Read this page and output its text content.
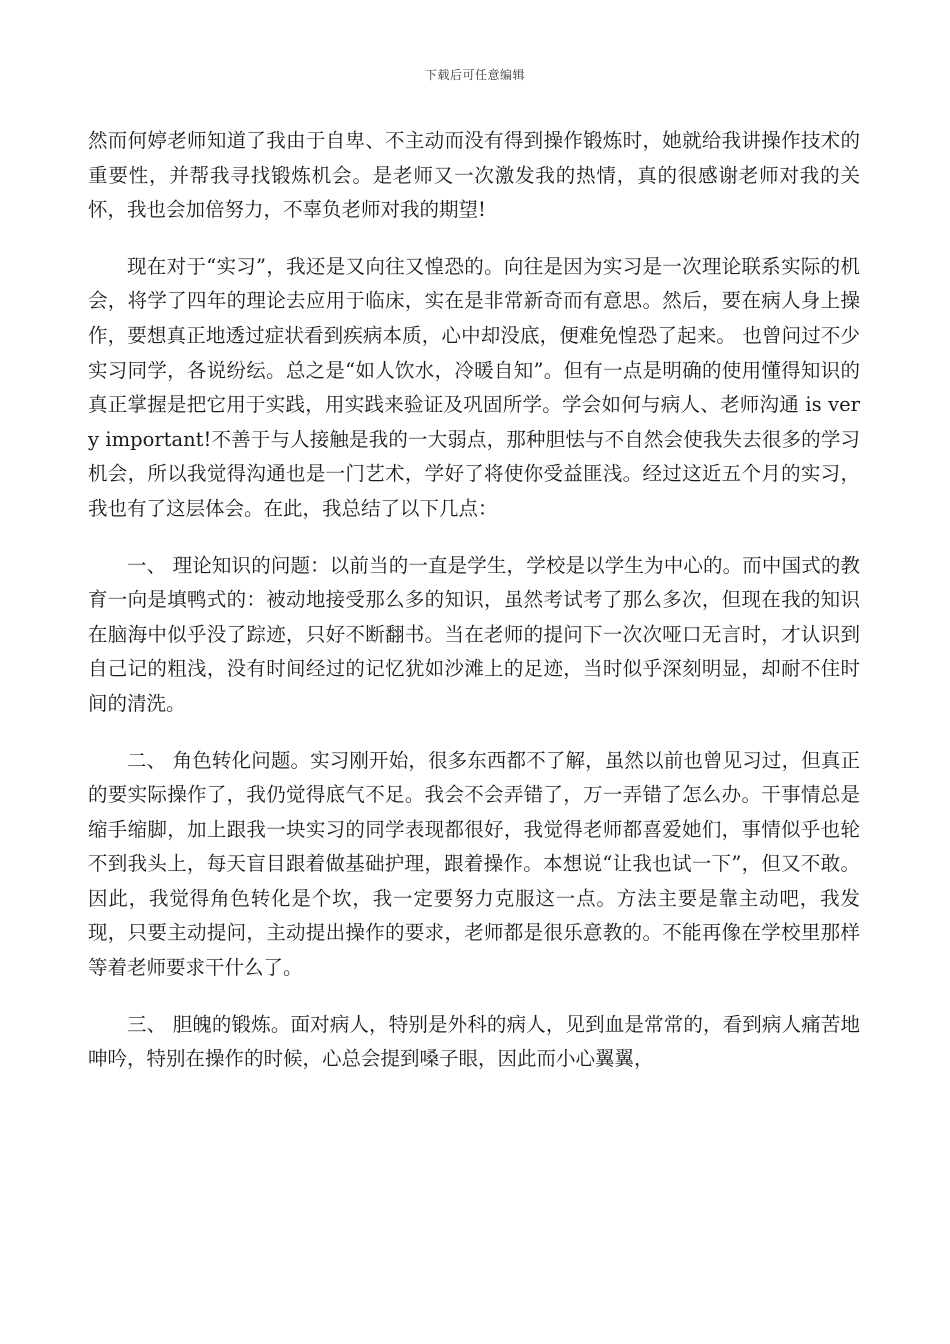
下载后可任意编辑

然而何婷老师知道了我由于自卑、不主动而没有得到操作锻炼时，她就给我讲操作技术的重要性，并帮我寻找锻炼机会。是老师又一次激发我的热情，真的很感谢老师对我的关怀，我也会加倍努力，不辜负老师对我的期望!

现在对于“实习”，我还是又向往又惶恐的。向往是因为实习是一次理论联系实际的机会，将学了四年的理论去应用于临床，实在是非常新奇而有意思。然后，要在病人身上操作，要想真正地透过症状看到疾病本质，心中却没底，便难免惶恐了起来。 也曾问过不少实习同学，各说纷纭。总之是“如人饮水，冷暖自知”。但有一点是明确的使用懂得知识的真正掌握是把它用于实践，用实践来验证及巩固所学。学会如何与病人、老师沟通 is very important!不善于与人接触是我的一大弱点，那种胆怯与不自然会使我失去很多的学习机会，所以我觉得沟通也是一门艺术，学好了将使你受益匪浅。经过这近五个月的实习，我也有了这层体会。在此，我总结了以下几点：

一、 理论知识的问题：以前当的一直是学生，学校是以学生为中心的。而中国式的教育一向是填鸭式的：被动地接受那么多的知识，虽然考试考了那么多次，但现在我的知识在脑海中似乎没了踪迹，只好不断翻书。当在老师的提问下一次次哑口无言时，才认识到自己记的粗浅，没有时间经过的记忆犹如沙滩上的足迹，当时似乎深刻明显，却耐不住时间的清洗。

二、 角色转化问题。实习刚开始，很多东西都不了解，虽然以前也曾见习过，但真正的要实际操作了，我仍觉得底气不足。我会不会弄错了，万一弄错了怎么办。干事情总是缩手缩脚，加上跟我一块实习的同学表现都很好，我觉得老师都喜爱她们，事情似乎也轮不到我头上，每天盲目跟着做基础护理，跟着操作。本想说“让我也试一下”，但又不敢。因此，我觉得角色转化是个坎，我一定要努力克服这一点。方法主要是靠主动吧，我发现，只要主动提问，主动提出操作的要求，老师都是很乐意教的。不能再像在学校里那样等着老师要求干什么了。

三、 胆魄的锻炼。面对病人，特别是外科的病人，见到血是常常的，看到病人痛苦地呻吟，特别在操作的时候，心总会提到嗓子眼，因此而小心翼翼，
